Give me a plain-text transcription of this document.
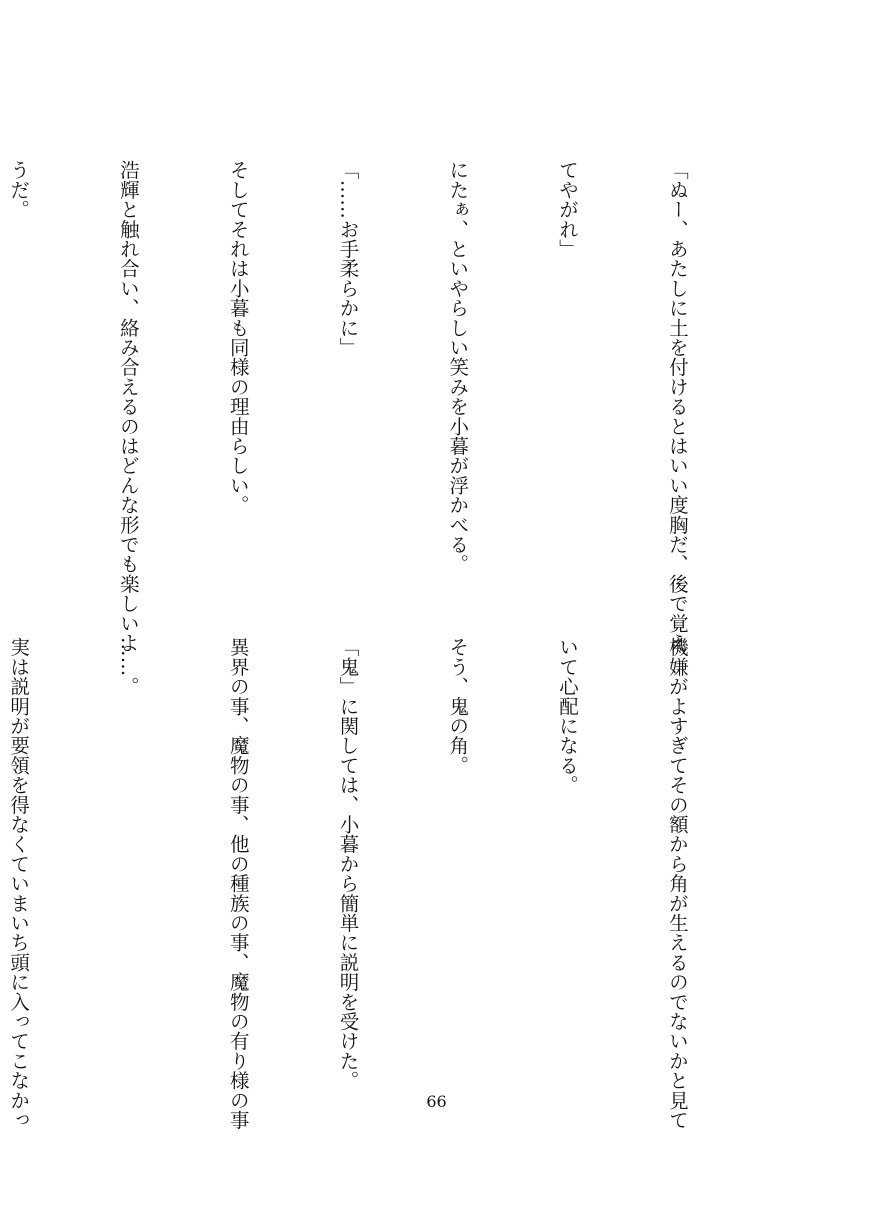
「ぬー、あたしに土を付けるとはいい度胸だ、後で覚え

てやがれ」

にたぁ、といやらしい笑みを小暮が浮かべる。

「……お手柔らかに」

そしてそれは小暮も同様の理由らしい。

浩輝と触れ合い、絡み合えるのはどんな形でも楽しいよ

うだ。

機嫌がよすぎてその額から角が生えるのでないかと見て

いて心配になる。

そう、鬼の角。

「鬼」に関しては、小暮から簡単に説明を受けた。

異界の事、魔物の事、他の種族の事、魔物の有り様の事

……。

実は説明が要領を得なくていまいち頭に入ってこなかっ

	66
